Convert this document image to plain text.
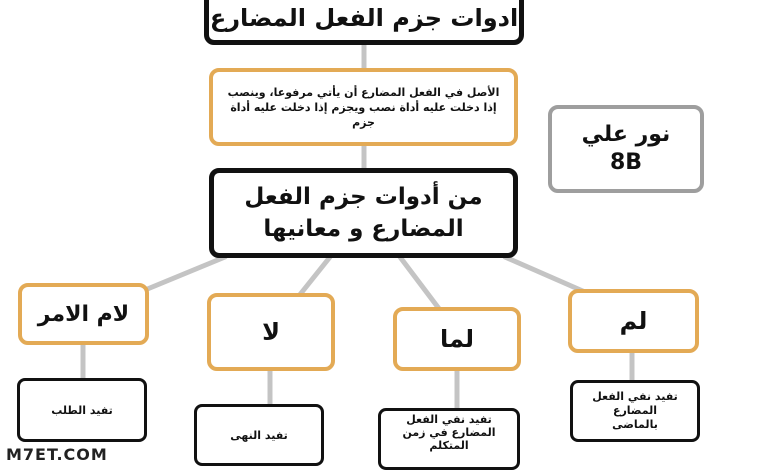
ادوات جزم الفعل المضارع
الأصل في الفعل المضارع أن يأتي مرفوعا، وينصب إذا دخلت عليه أداة نصب ويجزم إذا دخلت عليه أداة جزم	نور علي
8B
من أدوات جزم الفعل المضارع و معانيها
لام الامر
لا	لما
لم
تفيد الطلب
تفيد النهى
تفيد نفي الفعل المضارع في زمن المتكلم
تفيد نفي الفعل المضارع بالماضى
M7ET.COM
